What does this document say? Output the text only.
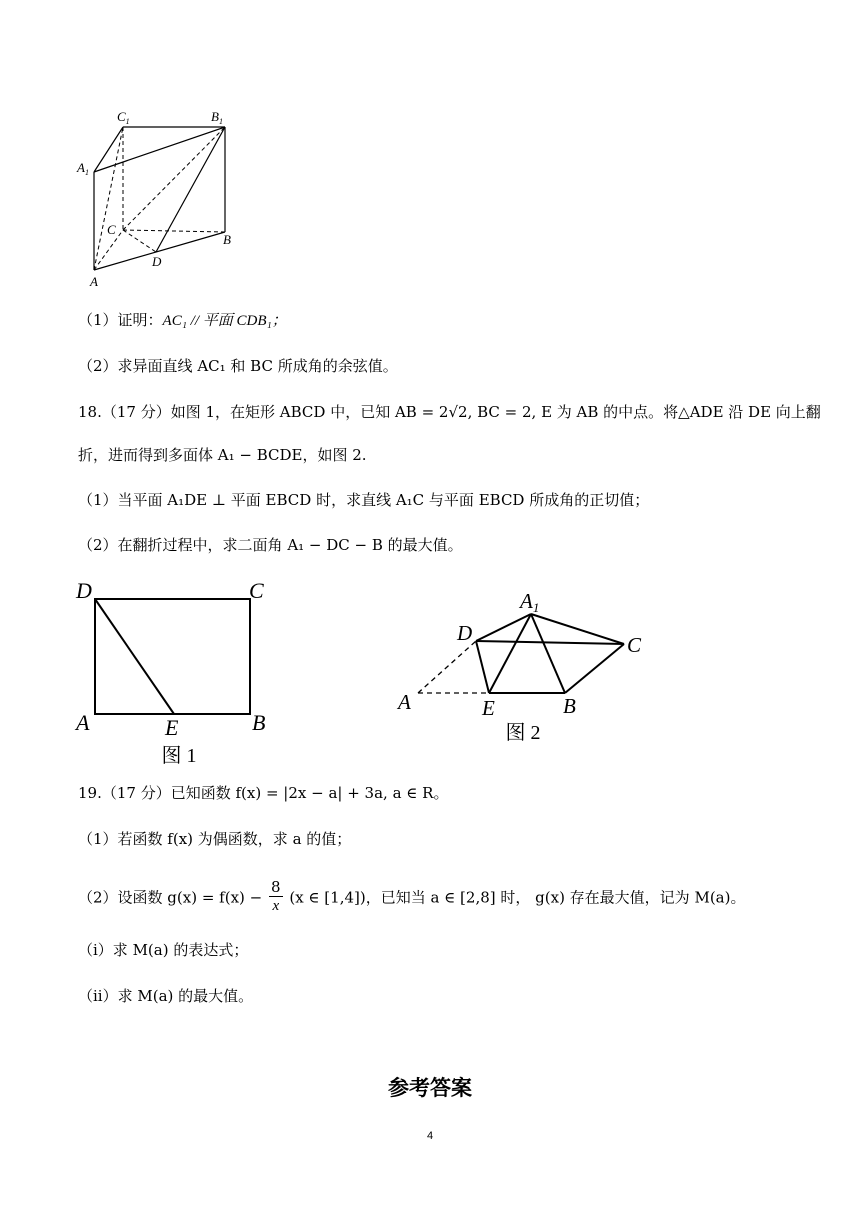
$C_1$	$B_1$
$A_1$
C
B
D
A
（1）证明：AC₁ // 平面 CDB₁；
（2）求异面直线 AC₁ 和 BC 所成角的余弦值。
18.（17 分）如图 1，在矩形 ABCD 中，已知 AB = 2√2, BC = 2, E 为 AB 的中点。将△ADE 沿 DE 向上翻
折，进而得到多面体 A₁ − BCDE，如图 2.
（1）当平面 A₁DE ⊥ 平面 EBCD 时，求直线 A₁C 与平面 EBCD 所成角的正切值；
（2）在翻折过程中，求二面角 A₁ − DC − B 的最大值。
D	C
A	E	B
图 1
A1
D	C
A	E	B
图 2
19.（17 分）已知函数 f(x) = |2x − a| + 3a, a ∈ R。
（1）若函数 f(x) 为偶函数，求 a 的值；
（2）设函数 $g(x) = f(x) - \frac{8}{x} (x$ ∈ [1,4])，已知当 a ∈ [2,8] 时， g(x) 存在最大值，记为 M(a)。
（i）求 M(a) 的表达式；
（ii）求 M(a) 的最大值。
参考答案
4
